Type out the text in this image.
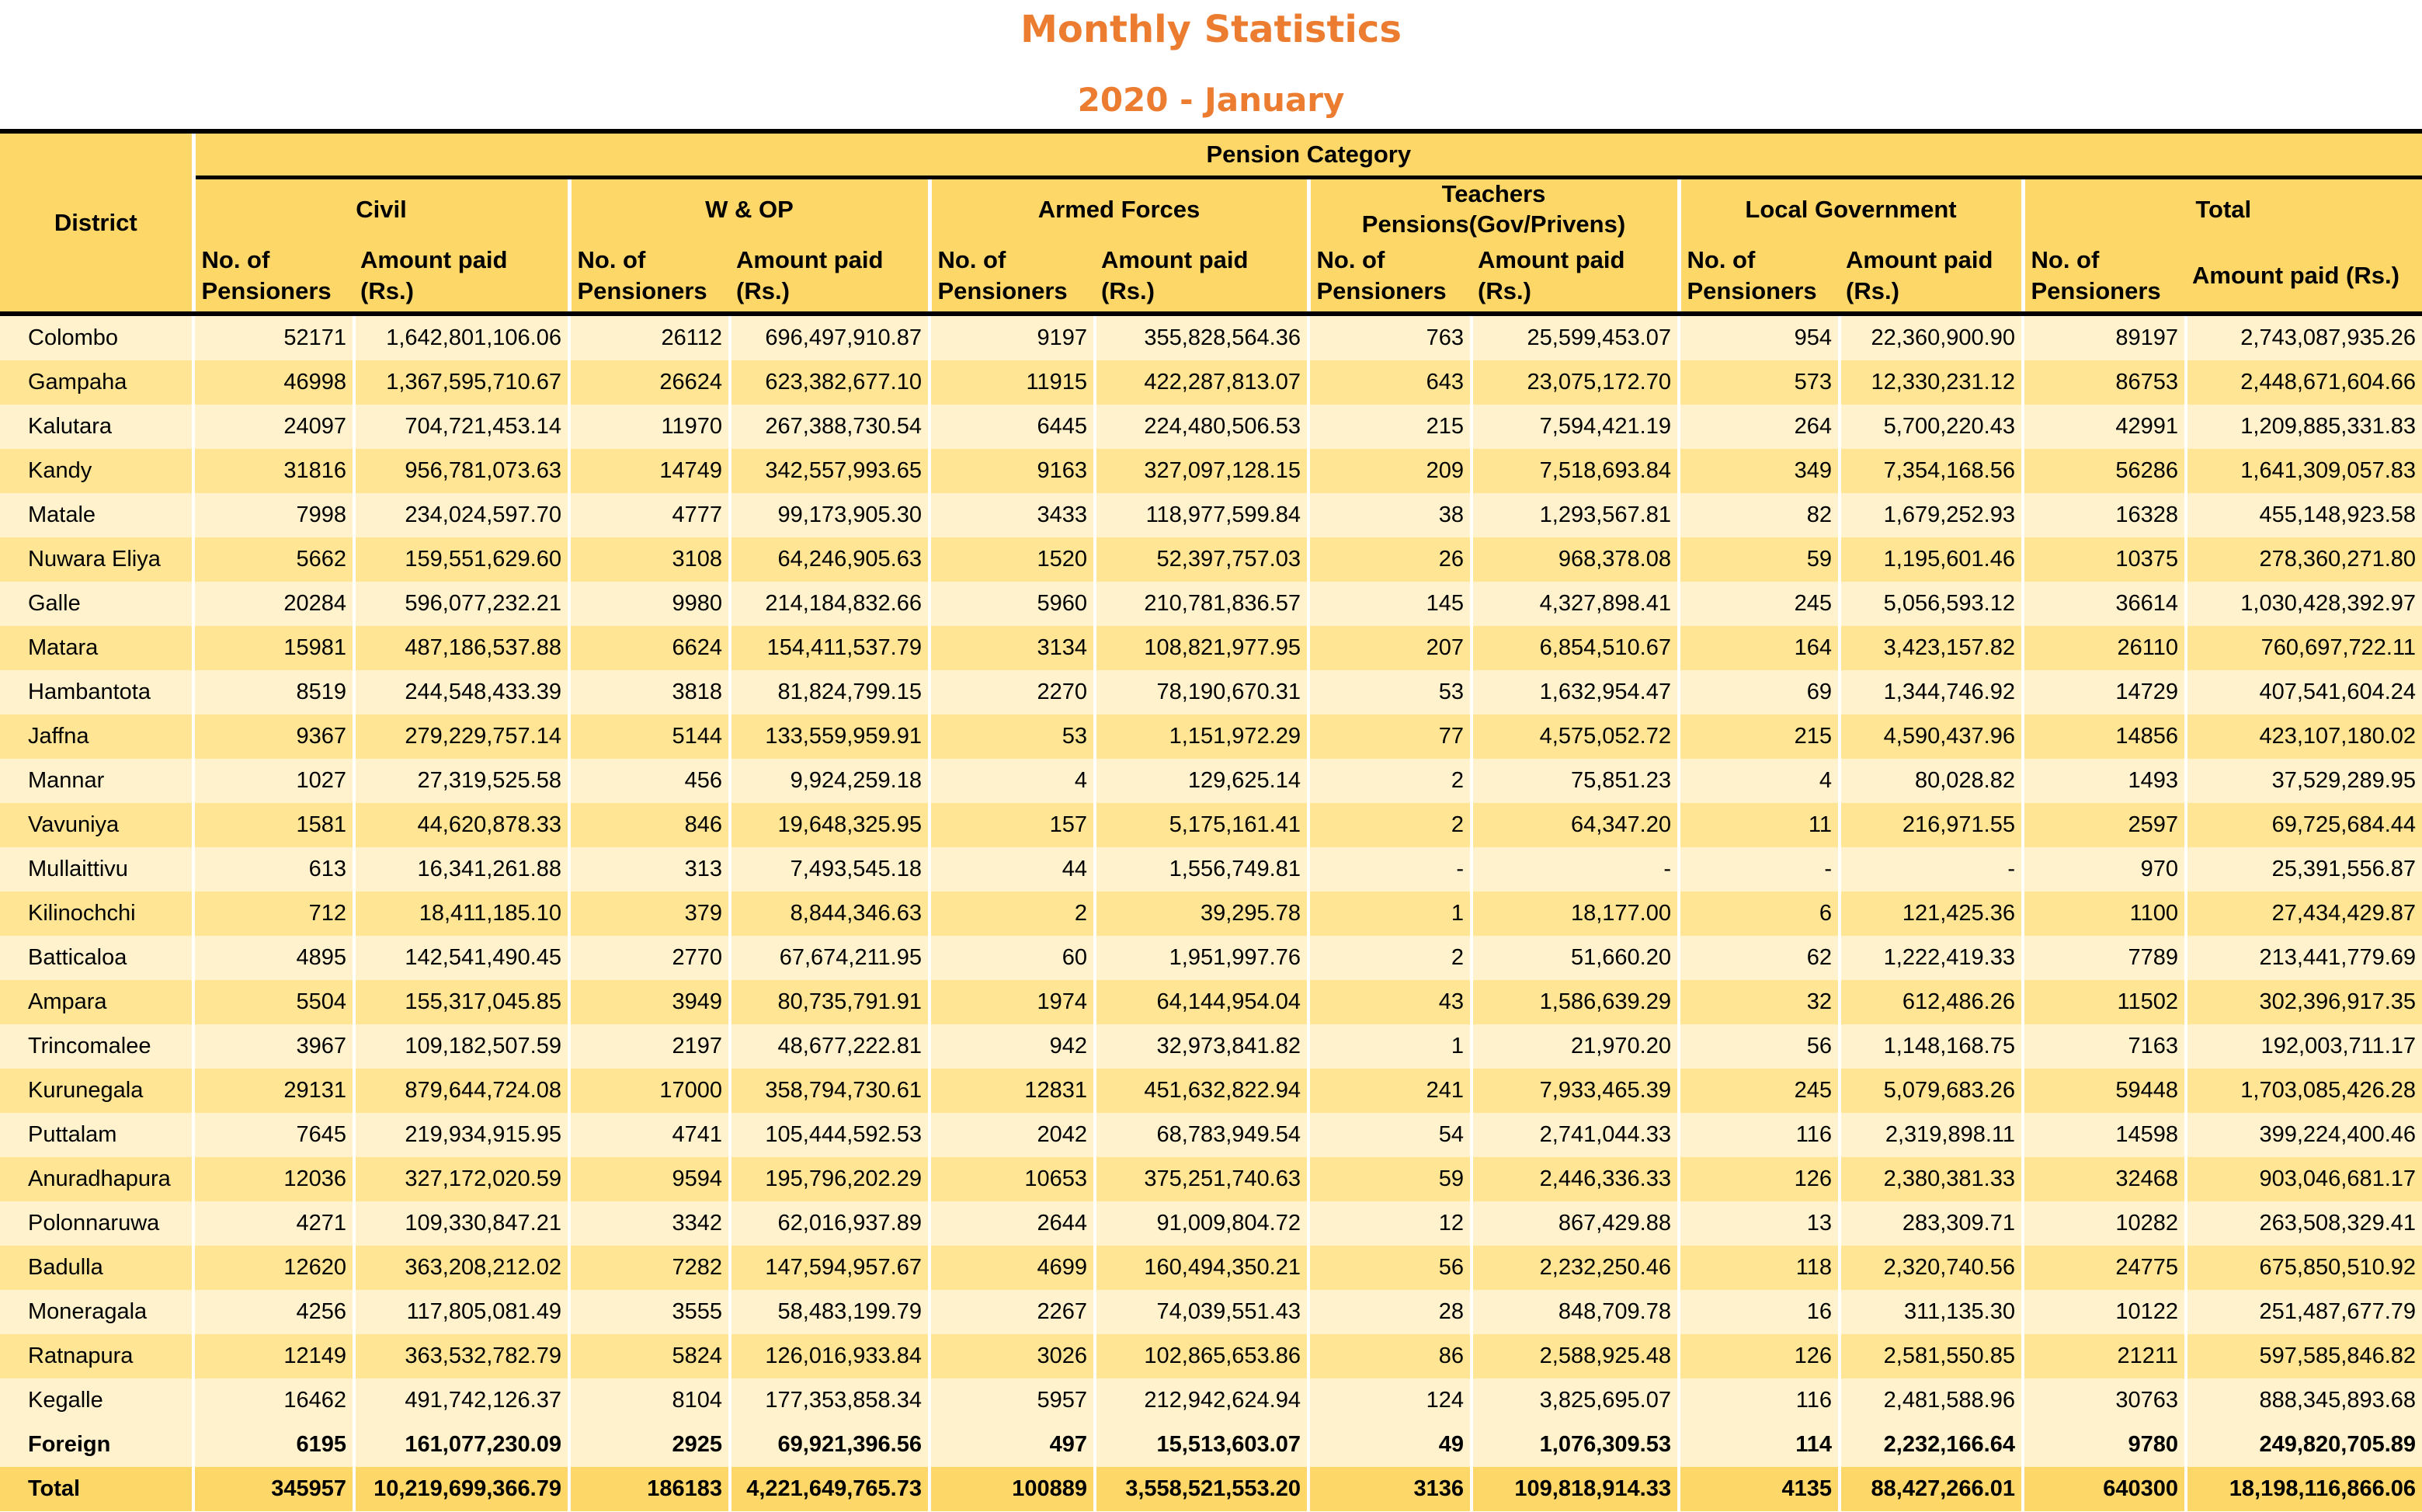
Monthly Statistics
2020 - January
District	Pension Category											
	Civil		W & OP		Armed Forces		Teachers Pensions(Gov/Privens)		Local Government		Total	
	No. of Pensioners	Amount paid (Rs.)	No. of Pensioners	Amount paid (Rs.)	No. of Pensioners	Amount paid (Rs.)	No. of Pensioners	Amount paid (Rs.)	No. of Pensioners	Amount paid (Rs.)	No. of Pensioners	Amount paid (Rs.)
Colombo	52171	1,642,801,106.06	26112	696,497,910.87	9197	355,828,564.36	763	25,599,453.07	954	22,360,900.90	89197	2,743,087,935.26
Gampaha	46998	1,367,595,710.67	26624	623,382,677.10	11915	422,287,813.07	643	23,075,172.70	573	12,330,231.12	86753	2,448,671,604.66
Kalutara	24097	704,721,453.14	11970	267,388,730.54	6445	224,480,506.53	215	7,594,421.19	264	5,700,220.43	42991	1,209,885,331.83
Kandy	31816	956,781,073.63	14749	342,557,993.65	9163	327,097,128.15	209	7,518,693.84	349	7,354,168.56	56286	1,641,309,057.83
Matale	7998	234,024,597.70	4777	99,173,905.30	3433	118,977,599.84	38	1,293,567.81	82	1,679,252.93	16328	455,148,923.58
Nuwara Eliya	5662	159,551,629.60	3108	64,246,905.63	1520	52,397,757.03	26	968,378.08	59	1,195,601.46	10375	278,360,271.80
Galle	20284	596,077,232.21	9980	214,184,832.66	5960	210,781,836.57	145	4,327,898.41	245	5,056,593.12	36614	1,030,428,392.97
Matara	15981	487,186,537.88	6624	154,411,537.79	3134	108,821,977.95	207	6,854,510.67	164	3,423,157.82	26110	760,697,722.11
Hambantota	8519	244,548,433.39	3818	81,824,799.15	2270	78,190,670.31	53	1,632,954.47	69	1,344,746.92	14729	407,541,604.24
Jaffna	9367	279,229,757.14	5144	133,559,959.91	53	1,151,972.29	77	4,575,052.72	215	4,590,437.96	14856	423,107,180.02
Mannar	1027	27,319,525.58	456	9,924,259.18	4	129,625.14	2	75,851.23	4	80,028.82	1493	37,529,289.95
Vavuniya	1581	44,620,878.33	846	19,648,325.95	157	5,175,161.41	2	64,347.20	11	216,971.55	2597	69,725,684.44
Mullaittivu	613	16,341,261.88	313	7,493,545.18	44	1,556,749.81	-	-	-	-	970	25,391,556.87
Kilinochchi	712	18,411,185.10	379	8,844,346.63	2	39,295.78	1	18,177.00	6	121,425.36	1100	27,434,429.87
Batticaloa	4895	142,541,490.45	2770	67,674,211.95	60	1,951,997.76	2	51,660.20	62	1,222,419.33	7789	213,441,779.69
Ampara	5504	155,317,045.85	3949	80,735,791.91	1974	64,144,954.04	43	1,586,639.29	32	612,486.26	11502	302,396,917.35
Trincomalee	3967	109,182,507.59	2197	48,677,222.81	942	32,973,841.82	1	21,970.20	56	1,148,168.75	7163	192,003,711.17
Kurunegala	29131	879,644,724.08	17000	358,794,730.61	12831	451,632,822.94	241	7,933,465.39	245	5,079,683.26	59448	1,703,085,426.28
Puttalam	7645	219,934,915.95	4741	105,444,592.53	2042	68,783,949.54	54	2,741,044.33	116	2,319,898.11	14598	399,224,400.46
Anuradhapura	12036	327,172,020.59	9594	195,796,202.29	10653	375,251,740.63	59	2,446,336.33	126	2,380,381.33	32468	903,046,681.17
Polonnaruwa	4271	109,330,847.21	3342	62,016,937.89	2644	91,009,804.72	12	867,429.88	13	283,309.71	10282	263,508,329.41
Badulla	12620	363,208,212.02	7282	147,594,957.67	4699	160,494,350.21	56	2,232,250.46	118	2,320,740.56	24775	675,850,510.92
Moneragala	4256	117,805,081.49	3555	58,483,199.79	2267	74,039,551.43	28	848,709.78	16	311,135.30	10122	251,487,677.79
Ratnapura	12149	363,532,782.79	5824	126,016,933.84	3026	102,865,653.86	86	2,588,925.48	126	2,581,550.85	21211	597,585,846.82
Kegalle	16462	491,742,126.37	8104	177,353,858.34	5957	212,942,624.94	124	3,825,695.07	116	2,481,588.96	30763	888,345,893.68
Foreign	6195	161,077,230.09	2925	69,921,396.56	497	15,513,603.07	49	1,076,309.53	114	2,232,166.64	9780	249,820,705.89
Total	345957	10,219,699,366.79	186183	4,221,649,765.73	100889	3,558,521,553.20	3136	109,818,914.33	4135	88,427,266.01	640300	18,198,116,866.06
